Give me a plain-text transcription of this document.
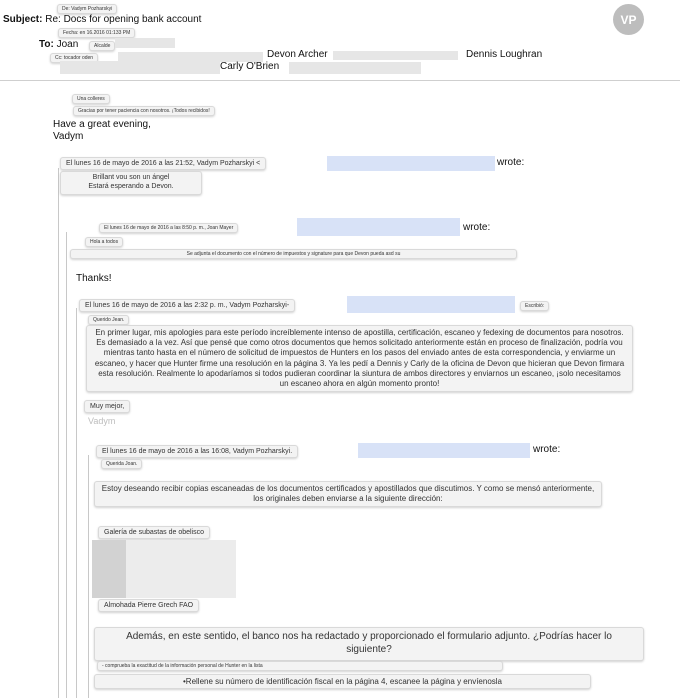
De: Vadym Pozharskyi
Subject: Re: Docs for opening bank account
Fecha: en 16.2016 01:133 PM
To: Joan	Alcalde
Cc: tocador oden	Devon Archer	Dennis Loughran
Carly O'Brien
VP
Una colleres
Gracias por tener paciencia con nosotros. ¡Todos recibidos!
Have a great evening,
Vadym
El lunes 16 de mayo de 2016 a las 21:52, Vadym Pozharskyi <	wrote:
Brillant vou son un ángel
Estará esperando a Devon.
El lunes 16 de mayo de 2016 a las 8:50 p. m., Joan Mayer	wrote:
Hola a todos
Se adjunta el documento con el número de impuestos y signature para que Devon pueda asd su
Thanks!
El lunes 16 de mayo de 2016 a las 2:32 p. m., Vadym Pozharskyi-	Escribió:
Querido Jean.
En primer lugar, mis apologies para este período increíblemente intenso de apostilla, certificación, escaneo y fedexing de documentos para nosotros. Es demasiado a la vez. Así que pensé que como otros documentos que hemos solicitado anteriormente están en proceso de finalización, podría vou mientras tanto hasta en el número de solicitud de impuestos de Hunters en los pasos del enviado antes de esta correspondencia, y enviarme un escaneo, y hacer que Hunter firme una resolución en la página 3. Ya les pedí a Dennis y Carly de la oficina de Devon que hicieran que Devon firmara esta resolución. Realmente lo apodaríamos si todos pudieran coordinar la siuntura de ambos directores y enviarnos un escaneo, ¡solo necesitamos un escaneo ahora en algún momento pronto!
Muy mejor,
Vadym
El lunes 16 de mayo de 2016 a las 16:08, Vadym Pozharskyi.	wrote:
Querida Joan.
Estoy deseando recibir copias escaneadas de los documentos certificados y apostillados que discutimos. Y como se mensó anteriormente, los originales deben enviarse a la siguiente dirección:
Galería de subastas de obelisco
Almohada Pierre Grech FAO
Además, en este sentido, el banco nos ha redactado y proporcionado el formulario adjunto. ¿Podrías hacer lo siguiente?
- comprueba la exactitud de la información personal de Hunter en la lista
•Rellene su número de identificación fiscal en la página 4, escanee la página y envíenosla
